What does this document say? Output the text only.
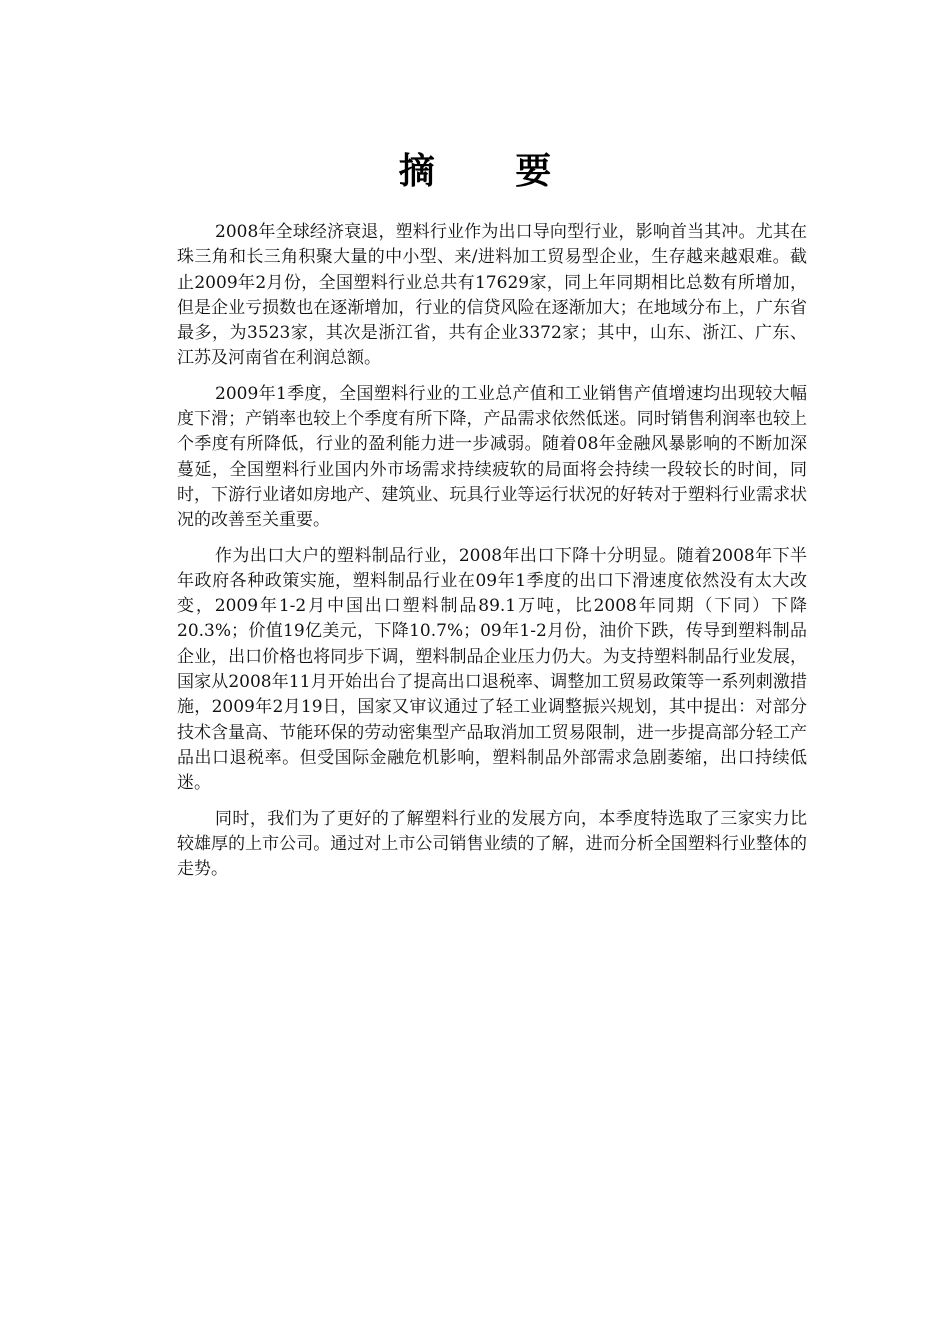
摘 要

2008年全球经济衰退，塑料行业作为出口导向型行业，影响首当其冲。尤其在珠三角和长三角积聚大量的中小型、来/进料加工贸易型企业，生存越来越艰难。截止2009年2月份，全国塑料行业总共有17629家，同上年同期相比总数有所增加，但是企业亏损数也在逐渐增加，行业的信贷风险在逐渐加大；在地域分布上，广东省最多，为3523家，其次是浙江省，共有企业3372家；其中，山东、浙江、广东、江苏及河南省在利润总额。

2009年1季度，全国塑料行业的工业总产值和工业销售产值增速均出现较大幅度下滑；产销率也较上个季度有所下降，产品需求依然低迷。同时销售利润率也较上个季度有所降低，行业的盈利能力进一步减弱。随着08年金融风暴影响的不断加深蔓延，全国塑料行业国内外市场需求持续疲软的局面将会持续一段较长的时间，同时，下游行业诸如房地产、建筑业、玩具行业等运行状况的好转对于塑料行业需求状况的改善至关重要。

作为出口大户的塑料制品行业，2008年出口下降十分明显。随着2008年下半年政府各种政策实施，塑料制品行业在09年1季度的出口下滑速度依然没有太大改变，2009年1-2月中国出口塑料制品89.1万吨，比2008年同期（下同）下降20.3%；价值19亿美元，下降10.7%；09年1-2月份，油价下跌，传导到塑料制品企业，出口价格也将同步下调，塑料制品企业压力仍大。为支持塑料制品行业发展，国家从2008年11月开始出台了提高出口退税率、调整加工贸易政策等一系列刺激措施，2009年2月19日，国家又审议通过了轻工业调整振兴规划，其中提出：对部分技术含量高、节能环保的劳动密集型产品取消加工贸易限制，进一步提高部分轻工产品出口退税率。但受国际金融危机影响，塑料制品外部需求急剧萎缩，出口持续低迷。

同时，我们为了更好的了解塑料行业的发展方向，本季度特选取了三家实力比较雄厚的上市公司。通过对上市公司销售业绩的了解，进而分析全国塑料行业整体的走势。
